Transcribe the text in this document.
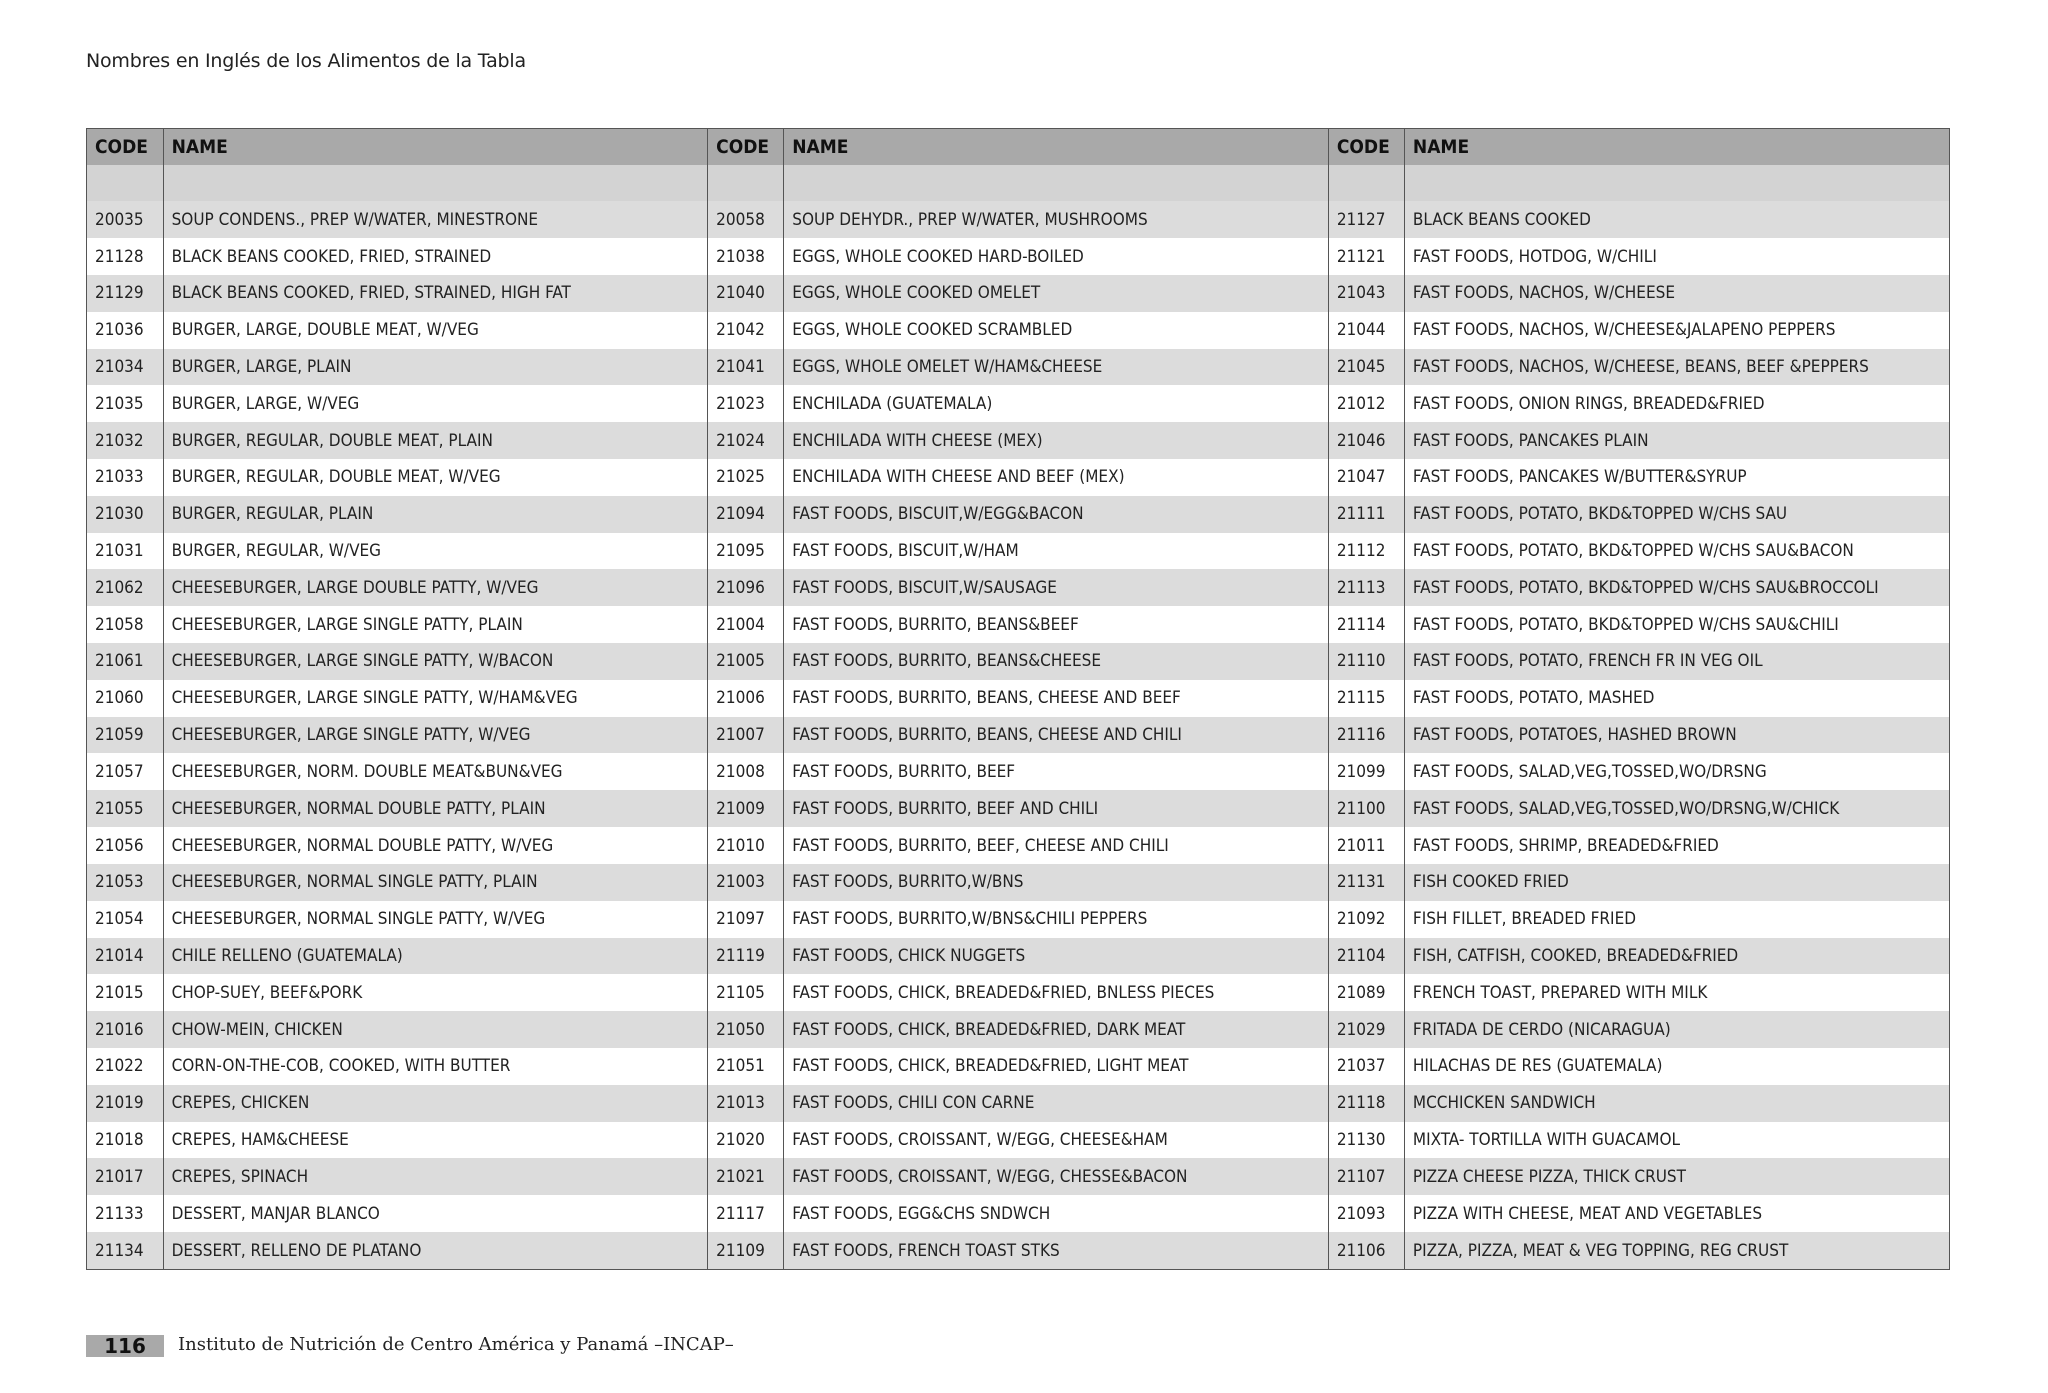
Nombres en Inglés de los Alimentos de la Tabla
CODE	NAME	CODE	NAME	CODE	NAME

20035	SOUP CONDENS., PREP W/WATER, MINESTRONE	20058	SOUP DEHYDR., PREP W/WATER, MUSHROOMS	21127	BLACK BEANS COOKED
21128	BLACK BEANS COOKED, FRIED, STRAINED	21038	EGGS, WHOLE COOKED HARD-BOILED	21121	FAST FOODS, HOTDOG, W/CHILI
21129	BLACK BEANS COOKED, FRIED, STRAINED, HIGH FAT	21040	EGGS, WHOLE COOKED OMELET	21043	FAST FOODS, NACHOS, W/CHEESE
21036	BURGER, LARGE, DOUBLE MEAT, W/VEG	21042	EGGS, WHOLE COOKED SCRAMBLED	21044	FAST FOODS, NACHOS, W/CHEESE&JALAPENO PEPPERS
21034	BURGER, LARGE, PLAIN	21041	EGGS, WHOLE OMELET W/HAM&CHEESE	21045	FAST FOODS, NACHOS, W/CHEESE, BEANS, BEEF &PEPPERS
21035	BURGER, LARGE, W/VEG	21023	ENCHILADA (GUATEMALA)	21012	FAST FOODS, ONION RINGS, BREADED&FRIED
21032	BURGER, REGULAR, DOUBLE MEAT, PLAIN	21024	ENCHILADA WITH CHEESE (MEX)	21046	FAST FOODS, PANCAKES PLAIN
21033	BURGER, REGULAR, DOUBLE MEAT, W/VEG	21025	ENCHILADA WITH CHEESE AND BEEF (MEX)	21047	FAST FOODS, PANCAKES W/BUTTER&SYRUP
21030	BURGER, REGULAR, PLAIN	21094	FAST FOODS, BISCUIT,W/EGG&BACON	21111	FAST FOODS, POTATO, BKD&TOPPED W/CHS SAU
21031	BURGER, REGULAR, W/VEG	21095	FAST FOODS, BISCUIT,W/HAM	21112	FAST FOODS, POTATO, BKD&TOPPED W/CHS SAU&BACON
21062	CHEESEBURGER, LARGE DOUBLE PATTY, W/VEG	21096	FAST FOODS, BISCUIT,W/SAUSAGE	21113	FAST FOODS, POTATO, BKD&TOPPED W/CHS SAU&BROCCOLI
21058	CHEESEBURGER, LARGE SINGLE PATTY, PLAIN	21004	FAST FOODS, BURRITO, BEANS&BEEF	21114	FAST FOODS, POTATO, BKD&TOPPED W/CHS SAU&CHILI
21061	CHEESEBURGER, LARGE SINGLE PATTY, W/BACON	21005	FAST FOODS, BURRITO, BEANS&CHEESE	21110	FAST FOODS, POTATO, FRENCH FR IN VEG OIL
21060	CHEESEBURGER, LARGE SINGLE PATTY, W/HAM&VEG	21006	FAST FOODS, BURRITO, BEANS, CHEESE AND BEEF	21115	FAST FOODS, POTATO, MASHED
21059	CHEESEBURGER, LARGE SINGLE PATTY, W/VEG	21007	FAST FOODS, BURRITO, BEANS, CHEESE AND CHILI	21116	FAST FOODS, POTATOES, HASHED BROWN
21057	CHEESEBURGER, NORM. DOUBLE MEAT&BUN&VEG	21008	FAST FOODS, BURRITO, BEEF	21099	FAST FOODS, SALAD,VEG,TOSSED,WO/DRSNG
21055	CHEESEBURGER, NORMAL DOUBLE PATTY, PLAIN	21009	FAST FOODS, BURRITO, BEEF AND CHILI	21100	FAST FOODS, SALAD,VEG,TOSSED,WO/DRSNG,W/CHICK
21056	CHEESEBURGER, NORMAL DOUBLE PATTY, W/VEG	21010	FAST FOODS, BURRITO, BEEF, CHEESE AND CHILI	21011	FAST FOODS, SHRIMP, BREADED&FRIED
21053	CHEESEBURGER, NORMAL SINGLE PATTY, PLAIN	21003	FAST FOODS, BURRITO,W/BNS	21131	FISH COOKED FRIED
21054	CHEESEBURGER, NORMAL SINGLE PATTY, W/VEG	21097	FAST FOODS, BURRITO,W/BNS&CHILI PEPPERS	21092	FISH FILLET, BREADED FRIED
21014	CHILE RELLENO (GUATEMALA)	21119	FAST FOODS, CHICK NUGGETS	21104	FISH, CATFISH, COOKED, BREADED&FRIED
21015	CHOP-SUEY, BEEF&PORK	21105	FAST FOODS, CHICK, BREADED&FRIED, BNLESS PIECES	21089	FRENCH TOAST, PREPARED WITH MILK
21016	CHOW-MEIN, CHICKEN	21050	FAST FOODS, CHICK, BREADED&FRIED, DARK MEAT	21029	FRITADA DE CERDO (NICARAGUA)
21022	CORN-ON-THE-COB, COOKED, WITH BUTTER	21051	FAST FOODS, CHICK, BREADED&FRIED, LIGHT MEAT	21037	HILACHAS DE RES (GUATEMALA)
21019	CREPES, CHICKEN	21013	FAST FOODS, CHILI CON CARNE	21118	MCCHICKEN SANDWICH
21018	CREPES, HAM&CHEESE	21020	FAST FOODS, CROISSANT, W/EGG, CHEESE&HAM	21130	MIXTA- TORTILLA WITH GUACAMOL
21017	CREPES, SPINACH	21021	FAST FOODS, CROISSANT, W/EGG, CHESSE&BACON	21107	PIZZA CHEESE PIZZA, THICK CRUST
21133	DESSERT, MANJAR BLANCO	21117	FAST FOODS, EGG&CHS SNDWCH	21093	PIZZA WITH CHEESE, MEAT AND VEGETABLES
21134	DESSERT, RELLENO DE PLATANO	21109	FAST FOODS, FRENCH TOAST STKS	21106	PIZZA, PIZZA, MEAT & VEG TOPPING, REG CRUST
116	Instituto de Nutrición de Centro América y Panamá –INCAP–
